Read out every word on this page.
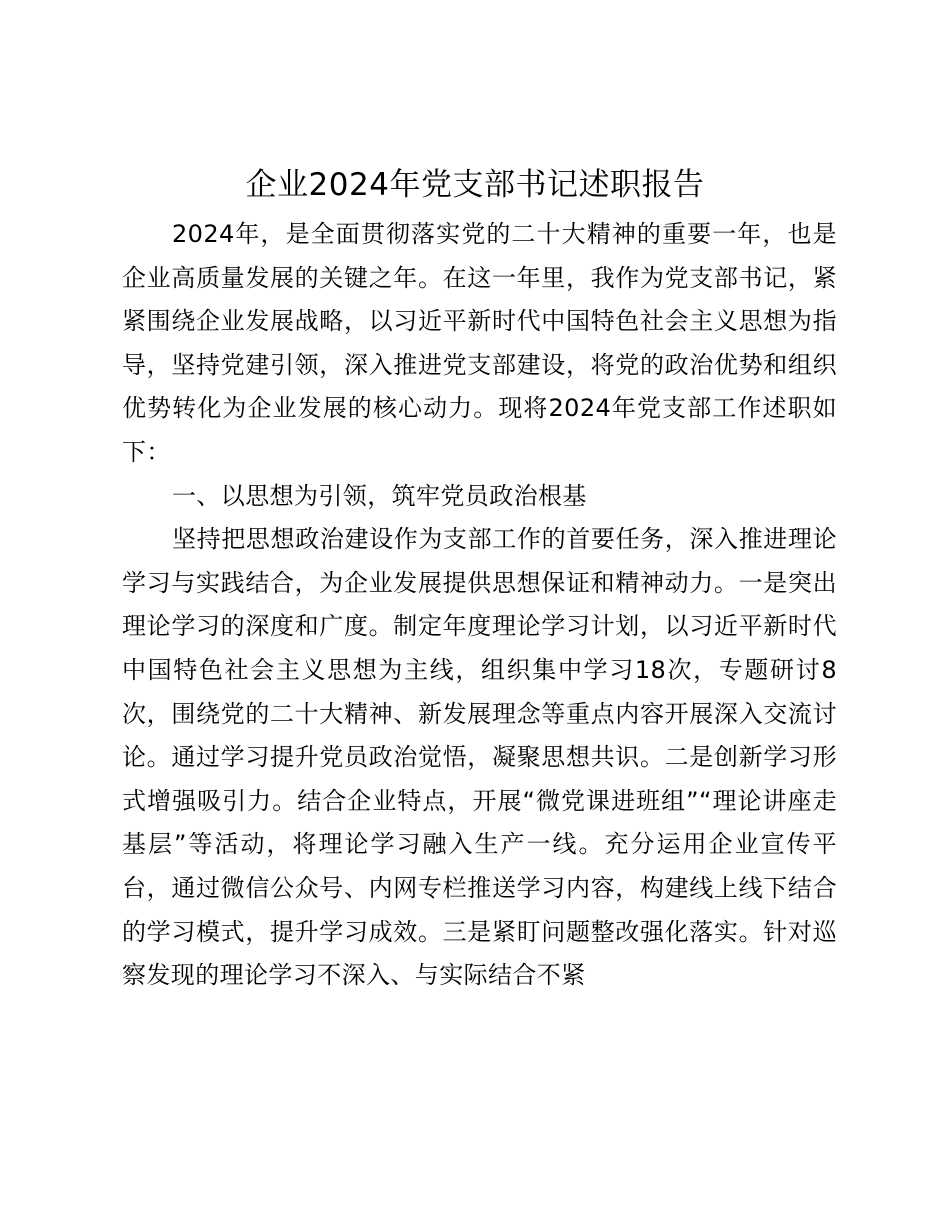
企业2024年党支部书记述职报告

2024年，是全面贯彻落实党的二十大精神的重要一年，也是企业高质量发展的关键之年。在这一年里，我作为党支部书记，紧紧围绕企业发展战略，以习近平新时代中国特色社会主义思想为指导，坚持党建引领，深入推进党支部建设，将党的政治优势和组织优势转化为企业发展的核心动力。现将2024年党支部工作述职如下：

一、以思想为引领，筑牢党员政治根基

坚持把思想政治建设作为支部工作的首要任务，深入推进理论学习与实践结合，为企业发展提供思想保证和精神动力。一是突出理论学习的深度和广度。制定年度理论学习计划，以习近平新时代中国特色社会主义思想为主线，组织集中学习18次，专题研讨8次，围绕党的二十大精神、新发展理念等重点内容开展深入交流讨论。通过学习提升党员政治觉悟，凝聚思想共识。二是创新学习形式增强吸引力。结合企业特点，开展“微党课进班组”“理论讲座走基层”等活动，将理论学习融入生产一线。充分运用企业宣传平台，通过微信公众号、内网专栏推送学习内容，构建线上线下结合的学习模式，提升学习成效。三是紧盯问题整改强化落实。针对巡察发现的理论学习不深入、与实际结合不紧
